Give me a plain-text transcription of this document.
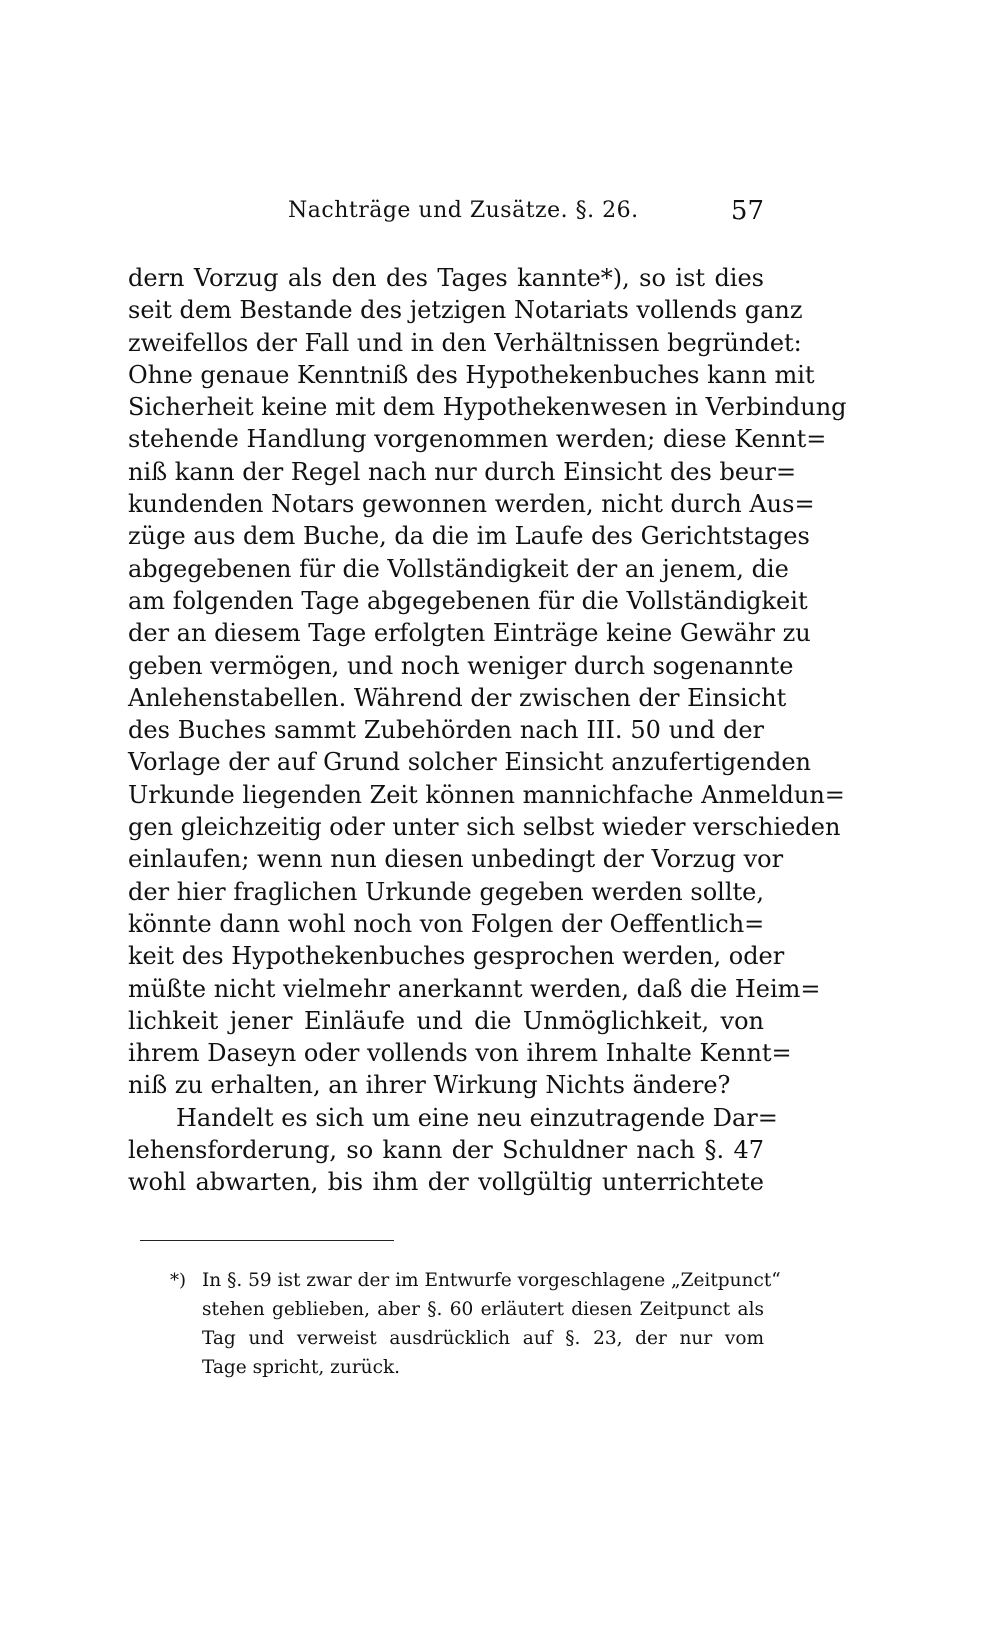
Nachträge und Zusätze. §. 26.	57
dern Vorzug als den des Tages kannte*), so ist dies
seit dem Bestande des jetzigen Notariats vollends ganz
zweifellos der Fall und in den Verhältnissen begründet:
Ohne genaue Kenntniß des Hypothekenbuches kann mit
Sicherheit keine mit dem Hypothekenwesen in Verbindung
stehende Handlung vorgenommen werden; diese Kennt=
niß kann der Regel nach nur durch Einsicht des beur=
kundenden Notars gewonnen werden, nicht durch Aus=
züge aus dem Buche, da die im Laufe des Gerichtstages
abgegebenen für die Vollständigkeit der an jenem, die
am folgenden Tage abgegebenen für die Vollständigkeit
der an diesem Tage erfolgten Einträge keine Gewähr zu
geben vermögen, und noch weniger durch sogenannte
Anlehenstabellen. Während der zwischen der Einsicht
des Buches sammt Zubehörden nach III. 50 und der
Vorlage der auf Grund solcher Einsicht anzufertigenden
Urkunde liegenden Zeit können mannichfache Anmeldun=
gen gleichzeitig oder unter sich selbst wieder verschieden
einlaufen; wenn nun diesen unbedingt der Vorzug vor
der hier fraglichen Urkunde gegeben werden sollte,
könnte dann wohl noch von Folgen der Oeffentlich=
keit des Hypothekenbuches gesprochen werden, oder
müßte nicht vielmehr anerkannt werden, daß die Heim=
lichkeit jener Einläufe und die Unmöglichkeit, von
ihrem Daseyn oder vollends von ihrem Inhalte Kennt=
niß zu erhalten, an ihrer Wirkung Nichts ändere?
Handelt es sich um eine neu einzutragende Dar=
lehensforderung, so kann der Schuldner nach §. 47
wohl abwarten, bis ihm der vollgültig unterrichtete
*) In §. 59 ist zwar der im Entwurfe vorgeschlagene „Zeitpunct“
stehen geblieben, aber §. 60 erläutert diesen Zeitpunct als
Tag und verweist ausdrücklich auf §. 23, der nur vom
Tage spricht, zurück.
